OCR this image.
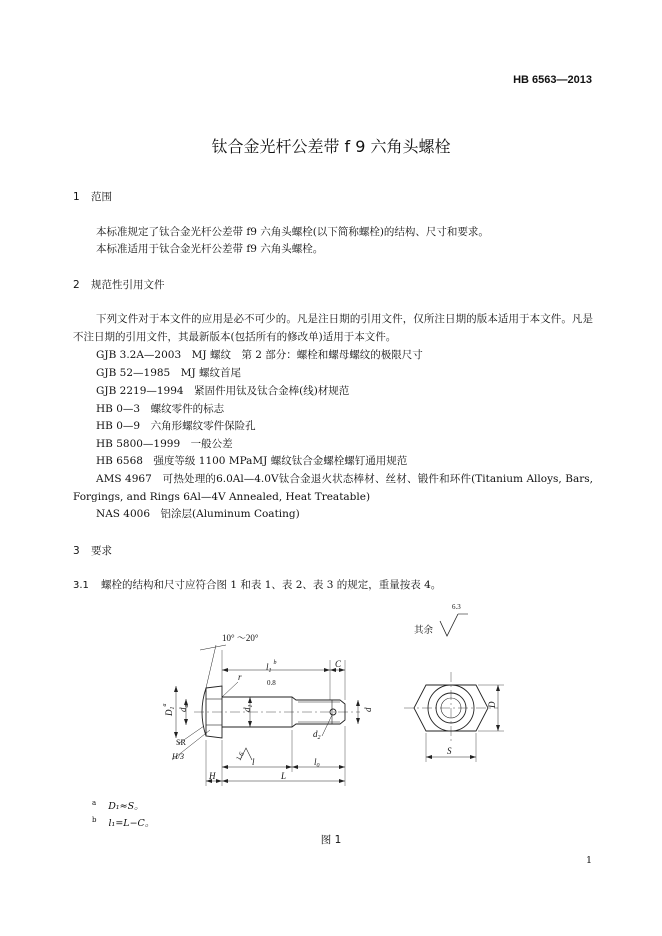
HB 6563—2013
钛合金光杆公差带 f 9 六角头螺栓
1 范围
本标准规定了钛合金光杆公差带 f9 六角头螺栓(以下简称螺栓)的结构、尺寸和要求。
本标准适用于钛合金光杆公差带 f9 六角头螺栓。
2 规范性引用文件
下列文件对于本文件的应用是必不可少的。凡是注日期的引用文件，仅所注日期的版本适用于本文件。凡是不注日期的引用文件，其最新版本(包括所有的修改单)适用于本文件。
GJB 3.2A—2003　MJ 螺纹　第 2 部分：螺栓和螺母螺纹的极限尺寸
GJB 52—1985　MJ 螺纹首尾
GJB 2219—1994　紧固件用钛及钛合金棒(线)材规范
HB 0—3　螺纹零件的标志
HB 0—9　六角形螺纹零件保险孔
HB 5800—1999　一般公差
HB 6568　强度等级 1100 MPaMJ 螺纹钛合金螺栓螺钉通用规范
AMS 4967　可热处理的6.0Al—4.0V钛合金退火状态棒材、丝材、锻件和环件(Titanium Alloys, Bars, Forgings, and Rings 6Al—4V Annealed, Heat Treatable)
NAS 4006　铝涂层(Aluminum Coating)
3 要求
3.1 螺栓的结构和尺寸应符合图 1 和表 1、表 2、表 3 的规定，重量按表 4。
10° ～20°
$l_1^b$	C
r
0.8
$D_1^a$
$d_a$
$d_1$
d
$d_2$
SR
H/3	1.6 l	$l_0$
H	L
D
S
其余
6.3
$^a$ D₁≈S。
$^b$ l₁=L−C。
图 1
1
